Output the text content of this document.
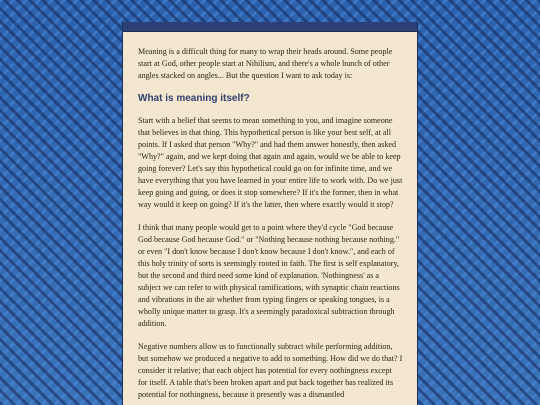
Meaning is a difficult thing for many to wrap their heads around. Some people start at God, other people start at Nihilism, and there's a whole bunch of other angles stacked on angles... But the question I want to ask today is:

What is meaning itself?

Start with a belief that seems to mean something to you, and imagine someone that believes in that thing. This hypothetical person is like your best self, at all points. If I asked that person "Why?" and had them answer honestly, then asked "Why?" again, and we kept doing that again and again, would we be able to keep going forever? Let's say this hypothetical could go on for infinite time, and we have everything that you have learned in your entire life to work with. Do we just keep going and going, or does it stop somewhere? If it's the former, then in what way would it keep on going? If it's the latter, then where exactly would it stop?

I think that many people would get to a point where they'd cycle "God because God because God because God." or "Nothing because nothing because nothing." or even "I don't know because I don't know because I don't know.", and each of this holy trinity of sorts is seemingly rooted in faith. The first is self explanatory, but the second and third need some kind of explanation. 'Nothingness' as a subject we can refer to with physical ramifications, with synaptic chain reactions and vibrations in the air whether from typing fingers or speaking tongues, is a wholly unique matter to grasp. It's a seemingly paradoxical subtraction through addition.

Negative numbers allow us to functionally subtract while performing addition, but somehow we produced a negative to add to something. How did we do that? I consider it relative; that each object has potential for every nothingness except for itself. A table that's been broken apart and put back together has realized its potential for nothingness, because it presently was a dismantled
